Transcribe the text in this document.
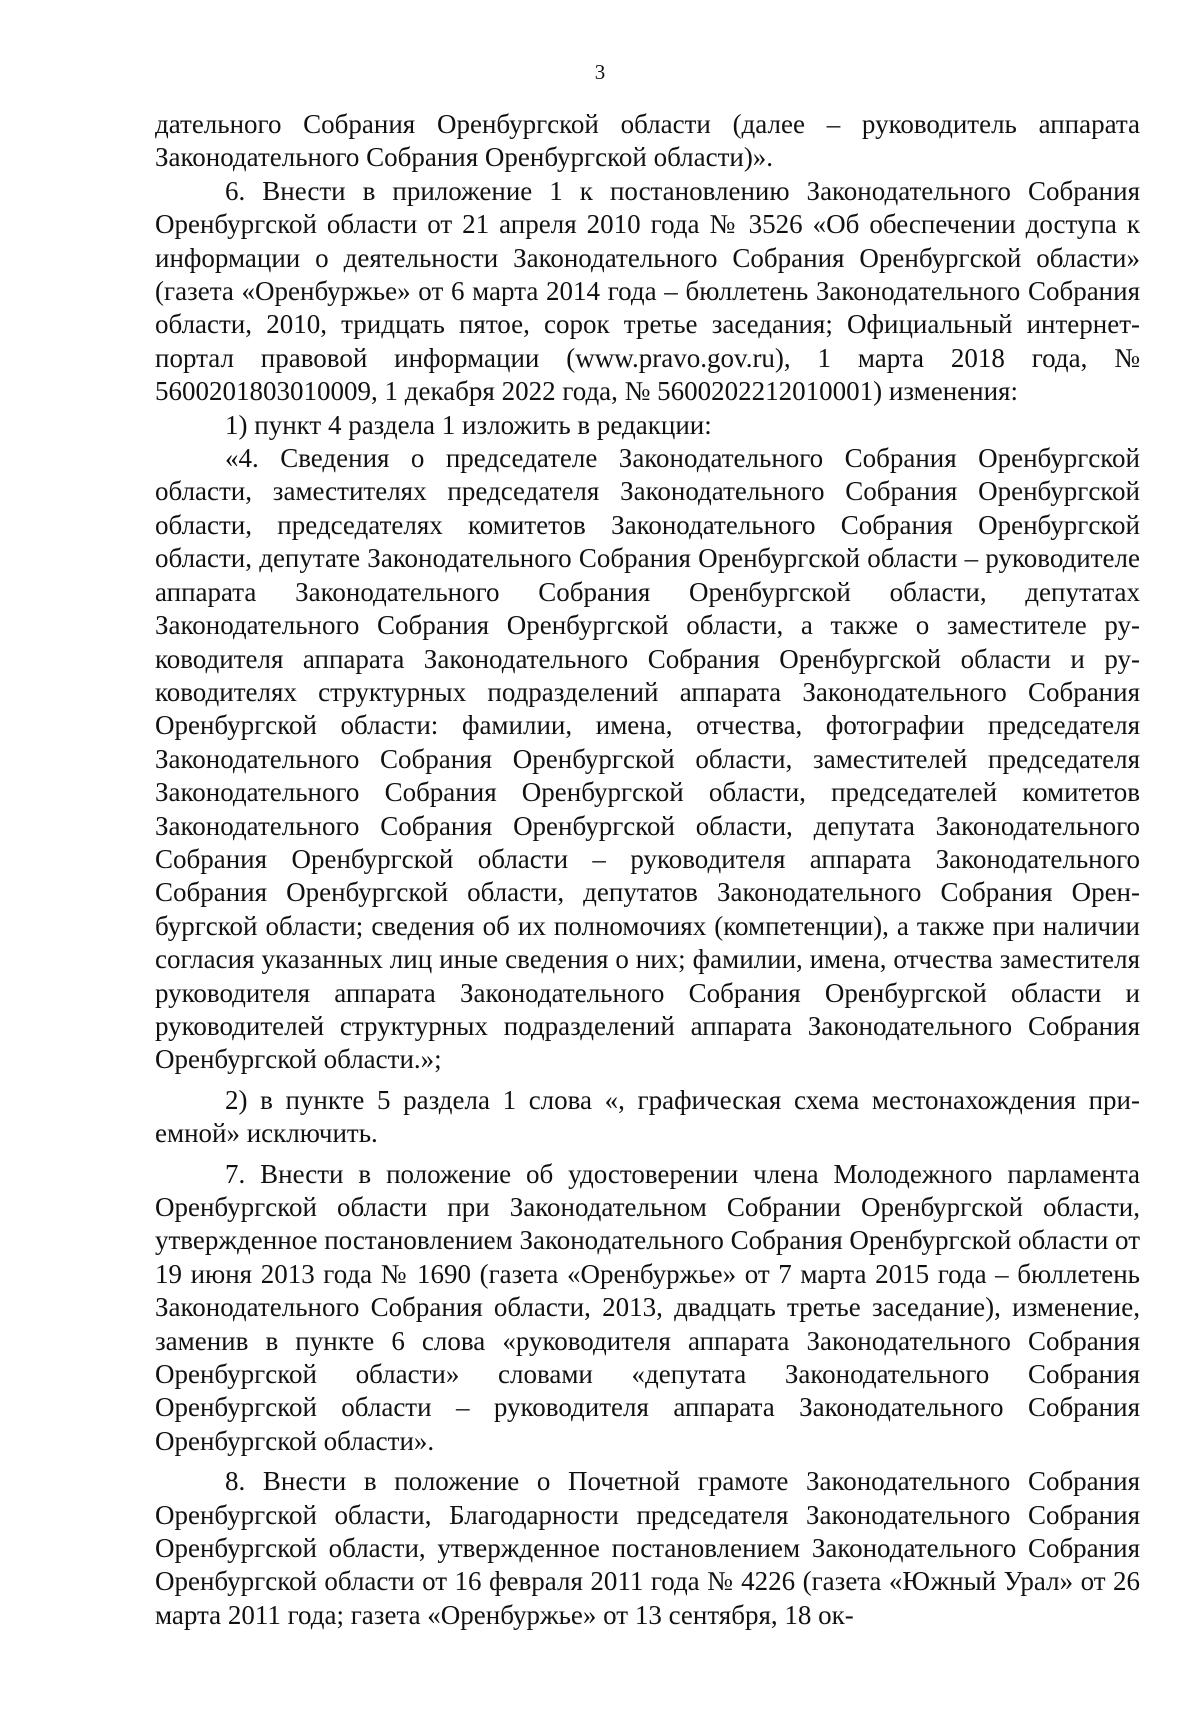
3

дательного Собрания Оренбургской области (далее – руководитель аппарата Законодательного Собрания Оренбургской области)».

6. Внести в приложение 1 к постановлению Законодательного Собрания Оренбургской области от 21 апреля 2010 года № 3526 «Об обеспечении доступа к информации о деятельности Законодательного Собрания Оренбургской области» (газета «Оренбуржье» от 6 марта 2014 года – бюллетень Законодательного Собрания области, 2010, тридцать пятое, сорок третье заседания; Официальный интернет-портал правовой информации (www.pravo.gov.ru), 1 марта 2018 года, № 5600201803010009, 1 декабря 2022 года, № 5600202212010001) изменения:

1) пункт 4 раздела 1 изложить в редакции:

«4. Сведения о председателе Законодательного Собрания Оренбургской области, заместителях председателя Законодательного Собрания Оренбургской области, председателях комитетов Законодательного Собрания Оренбургской области, депутате Законодательного Собрания Оренбургской области – руководителе аппарата Законодательного Собрания Оренбургской области, депутатах Законодательного Собрания Оренбургской области, а также о заместителе руководителя аппарата Законодательного Собрания Оренбургской области и руководителях структурных подразделений аппарата Законодательного Собрания Оренбургской области: фамилии, имена, отчества, фотографии председателя Законодательного Собрания Оренбургской области, заместителей председателя Законодательного Собрания Оренбургской области, председателей комитетов Законодательного Собрания Оренбургской области, депутата Законодательного Собрания Оренбургской области – руководителя аппарата Законодательного Собрания Оренбургской области, депутатов Законодательного Собрания Оренбургской области; сведения об их полномочиях (компетенции), а также при наличии согласия указанных лиц иные сведения о них; фамилии, имена, отчества заместителя руководителя аппарата Законодательного Собрания Оренбургской области и руководителей структурных подразделений аппарата Законодательного Собрания Оренбургской области.»;

2) в пункте 5 раздела 1 слова «, графическая схема местонахождения приемной» исключить.

7. Внести в положение об удостоверении члена Молодежного парламента Оренбургской области при Законодательном Собрании Оренбургской области, утвержденное постановлением Законодательного Собрания Оренбургской области от 19 июня 2013 года № 1690 (газета «Оренбуржье» от 7 марта 2015 года – бюллетень Законодательного Собрания области, 2013, двадцать третье заседание), изменение, заменив в пункте 6 слова «руководителя аппарата Законодательного Собрания Оренбургской области» словами «депутата Законодательного Собрания Оренбургской области – руководителя аппарата Законодательного Собрания Оренбургской области».

8. Внести в положение о Почетной грамоте Законодательного Собрания Оренбургской области, Благодарности председателя Законодательного Собрания Оренбургской области, утвержденное постановлением Законодательного Собрания Оренбургской области от 16 февраля 2011 года № 4226 (газета «Южный Урал» от 26 марта 2011 года; газета «Оренбуржье» от 13 сентября, 18 ок-
